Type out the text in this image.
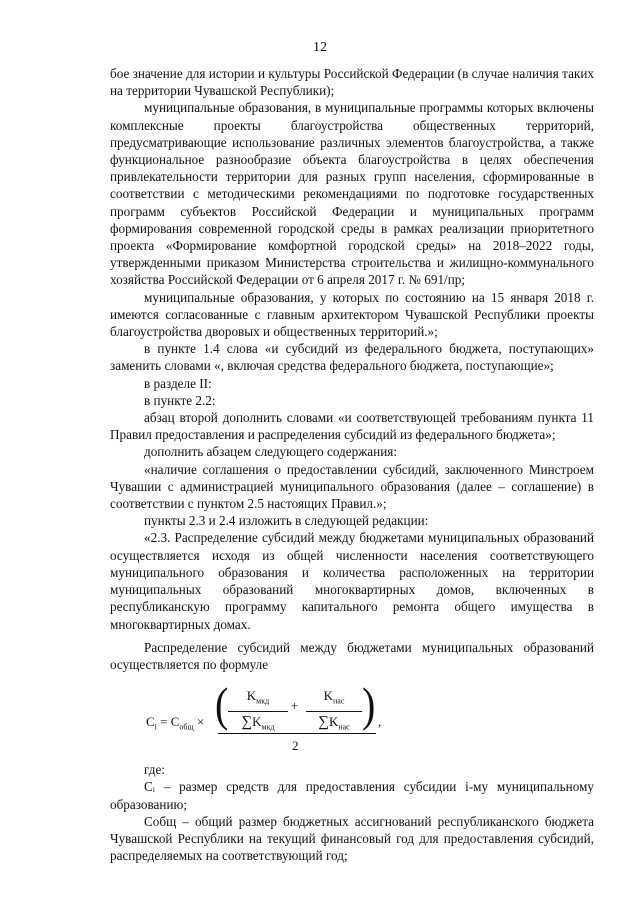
12

бое значение для истории и культуры Российской Федерации (в случае наличия таких на территории Чувашской Республики);

муниципальные образования, в муниципальные программы которых включены комплексные проекты благоустройства общественных территорий, предусматривающие использование различных элементов благоустройства, а также функциональное разнообразие объекта благоустройства в целях обеспечения привлекательности территории для разных групп населения, сформированные в соответствии с методическими рекомендациями по подготовке государственных программ субъектов Российской Федерации и муниципальных программ формирования современной городской среды в рамках реализации приоритетного проекта «Формирование комфортной городской среды» на 2018–2022 годы, утвержденными приказом Министерства строительства и жилищно-коммунального хозяйства Российской Федерации от 6 апреля 2017 г. № 691/пр;

муниципальные образования, у которых по состоянию на 15 января 2018 г. имеются согласованные с главным архитектором Чувашской Республики проекты благоустройства дворовых и общественных территорий.»;

в пункте 1.4 слова «и субсидий из федерального бюджета, поступающих» заменить словами «, включая средства федерального бюджета, поступающие»;

в разделе II:

в пункте 2.2:

абзац второй дополнить словами «и соответствующей требованиям пункта 11 Правил предоставления и распределения субсидий из федерального бюджета»;

дополнить абзацем следующего содержания:

«наличие соглашения о предоставлении субсидий, заключенного Минстроем Чувашии с администрацией муниципального образования (далее – соглашение) в соответствии с пунктом 2.5 настоящих Правил.»;

пункты 2.3 и 2.4 изложить в следующей редакции:

«2.3. Распределение субсидий между бюджетами муниципальных образований осуществляется исходя из общей численности населения соответствующего муниципального образования и количества расположенных на территории муниципальных образований многоквартирных домов, включенных в республиканскую программу капитального ремонта общего имущества в многоквартирных домах.

Распределение субсидий между бюджетами муниципальных образований осуществляется по формуле

$C_i = C_{общ}$ × (	)
$K_{мкд}$
$\sum K_{мкд}$
+
$K_{нас}$
$\sum K_{нас}$
2
,

где:

Cᵢ – размер средств для предоставления субсидии i-му муниципальному образованию;

Cобщ – общий размер бюджетных ассигнований республиканского бюджета Чувашской Республики на текущий финансовый год для предоставления субсидий, распределяемых на соответствующий год;
